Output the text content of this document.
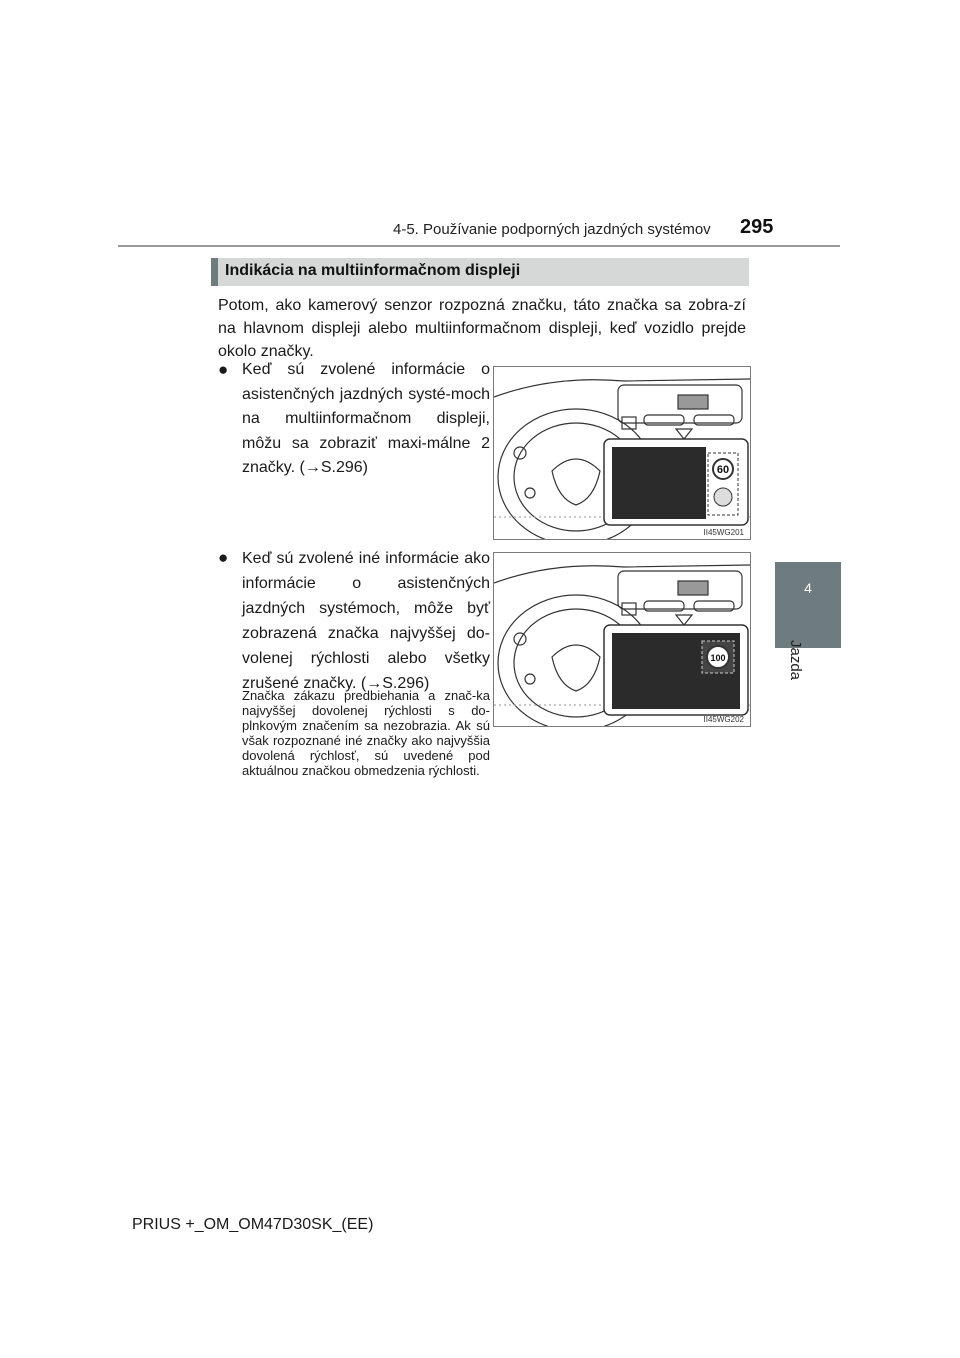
4-5. Používanie podporných jazdných systémov 295
4
Jazda
Indikácia na multiinformačnom displeji
Potom, ako kamerový senzor rozpozná značku, táto značka sa zobra-zí na hlavnom displeji alebo multiinformačnom displeji, keď vozidlo prejde okolo značky.
● Keď sú zvolené informácie o asistenčných jazdných systé-moch na multiinformačnom displeji, môžu sa zobraziť maxi-málne 2 značky. (→S.296)
● Keď sú zvolené iné informácie ako informácie o asistenčných jazdných systémoch, môže byť zobrazená značka najvyššej do-volenej rýchlosti alebo všetky zrušené značky. (→S.296)
Značka zákazu predbiehania a znač-ka najvyššej dovolenej rýchlosti s do-plnkovým značením sa nezobrazia. Ak sú však rozpoznané iné značky ako najvyššia dovolená rýchlosť, sú uvedené pod aktuálnou značkou obmedzenia rýchlosti.
60
II45WG201
100
II45WG202
PRIUS +_OM_OM47D30SK_(EE)
